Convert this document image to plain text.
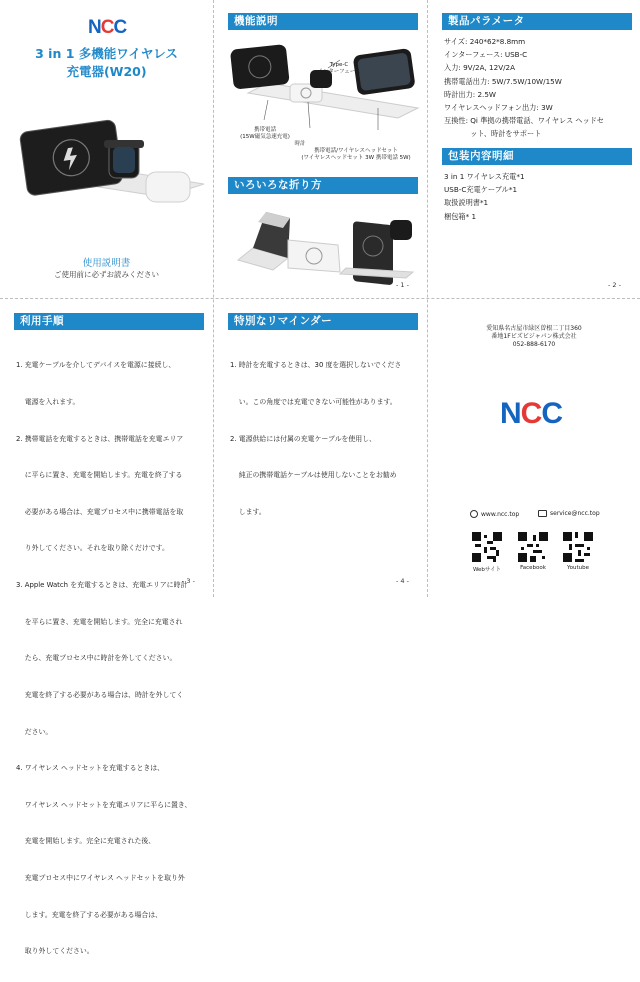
NCC
3 in 1 多機能ワイヤレス
充電器(W20)
使用説明書
ご使用前に必ずお読みください
機能説明
Type-C
インターフェース
携帯電話
(15W磁気急速充電)
時計
携帯電話/ワイヤレスヘッドセット
(ワイヤレスヘッドセット 3W 携帯電話 5W)
いろいろな折り方
- 1 -
製品パラメータ
サイズ: 240*62*8.8mm
インターフェース: USB-C
入力: 9V/2A, 12V/2A
携帯電話出力: 5W/7.5W/10W/15W
時計出力: 2.5W
ワイヤレスヘッドフォン出力: 3W
互換性: Qi 準拠の携帯電話、ワイヤレス ヘッドセ
　　　  ット、時計をサポート
包装内容明細
3 in 1 ワイヤレス充電*1
USB-C充電ケーブル*1
取扱説明書*1
梱包箱* 1
- 2 -
利用手順

1. 充電ケーブルを介してデバイスを電源に接続し、

電源を入れます。

2. 携帯電話を充電するときは、携帯電話を充電エリア

に平らに置き、充電を開始します。充電を終了する

必要がある場合は、充電プロセス中に携帯電話を取

り外してください。それを取り除くだけです。

3. Apple Watch を充電するときは、充電エリアに時計

を平らに置き、充電を開始します。完全に充電され

たら、充電プロセス中に時計を外してください。

充電を終了する必要がある場合は、時計を外してく

ださい。

4. ワイヤレス ヘッドセットを充電するときは、

ワイヤレス ヘッドセットを充電エリアに平らに置き、

充電を開始します。完全に充電された後、

充電プロセス中にワイヤレス ヘッドセットを取り外

します。充電を終了する必要がある場合は、

取り外してください。

- 3 -
特別なリマインダー

1. 時計を充電するときは、30 度を選択しないでくださ

い。この角度では充電できない可能性があります。

2. 電源供給には付属の充電ケーブルを使用し、

純正の携帯電話ケーブルは使用しないことをお勧め

します。

- 4 -
愛知県名古屋市緑区曽根二丁目360
番地1Fビズビジャパン株式会社
052-888-6170
NCC
www.ncc.top	service@ncc.top
Webサイト	Facebook	Youtube
